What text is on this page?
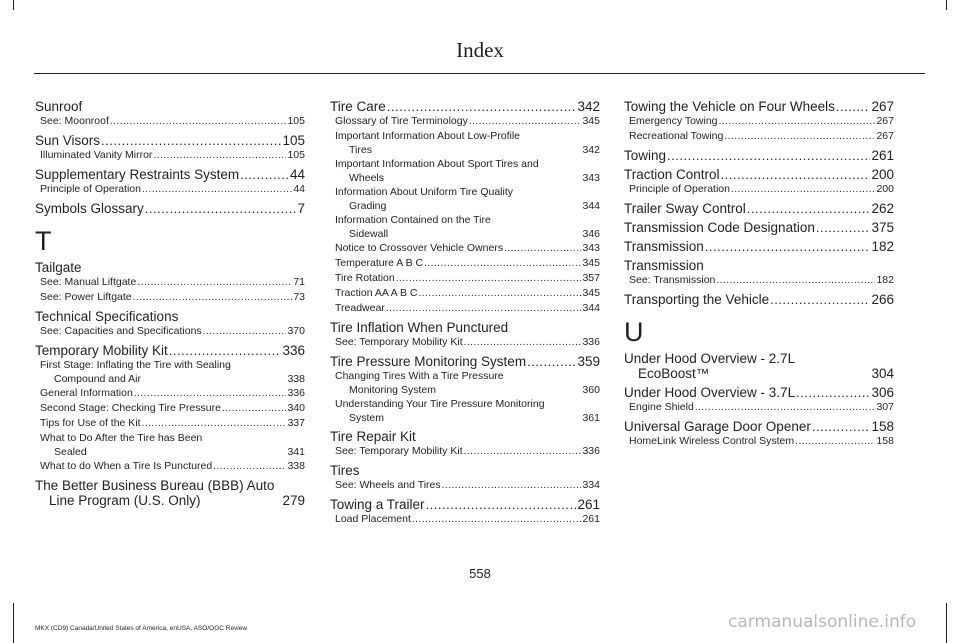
Index
Sunroof
See: Moonroof .....	105
Sun Visors .....	105
Illuminated Vanity Mirror .....	105
Supplementary Restraints System .....	44
Principle of Operation .....	44
Symbols Glossary .....	7
T
Tailgate
See: Manual Liftgate .....	71
See: Power Liftgate .....	73
Technical Specifications
See: Capacities and Specifications .....	370
Temporary Mobility Kit .....	336
First Stage: Inflating the Tire with Sealing
Compound and Air	338
General Information .....	336
Second Stage: Checking Tire Pressure .....	340
Tips for Use of the Kit .....	337
What to Do After the Tire has Been
Sealed	341
What to do When a Tire Is Punctured .....	338
The Better Business Bureau (BBB) Auto
Line Program (U.S. Only)	279
Tire Care .....	342
Glossary of Tire Terminology .....	345
Important Information About Low-Profile
Tires	342
Important Information About Sport Tires and
Wheels	343
Information About Uniform Tire Quality
Grading	344
Information Contained on the Tire
Sidewall	346
Notice to Crossover Vehicle Owners .....	343
Temperature A B C .....	345
Tire Rotation .....	357
Traction AA A B C .....	345
Treadwear .....	344
Tire Inflation When Punctured
See: Temporary Mobility Kit .....	336
Tire Pressure Monitoring System .....	359
Changing Tires With a Tire Pressure
Monitoring System	360
Understanding Your Tire Pressure Monitoring
System	361
Tire Repair Kit
See: Temporary Mobility Kit .....	336
Tires
See: Wheels and Tires .....	334
Towing a Trailer .....	261
Load Placement .....	261
Towing the Vehicle on Four Wheels .....	267
Emergency Towing .....	267
Recreational Towing .....	267
Towing .....	261
Traction Control .....	200
Principle of Operation .....	200
Trailer Sway Control .....	262
Transmission Code Designation .....	375
Transmission .....	182
Transmission
See: Transmission .....	182
Transporting the Vehicle .....	266
U
Under Hood Overview - 2.7L
EcoBoost™	304
Under Hood Overview - 3.7L .....	306
Engine Shield .....	307
Universal Garage Door Opener .....	158
HomeLink Wireless Control System .....	158
558
MKX (CD9) Canada/United States of America, enUSA, ASO/OGC Review	carmanualsonline.info
